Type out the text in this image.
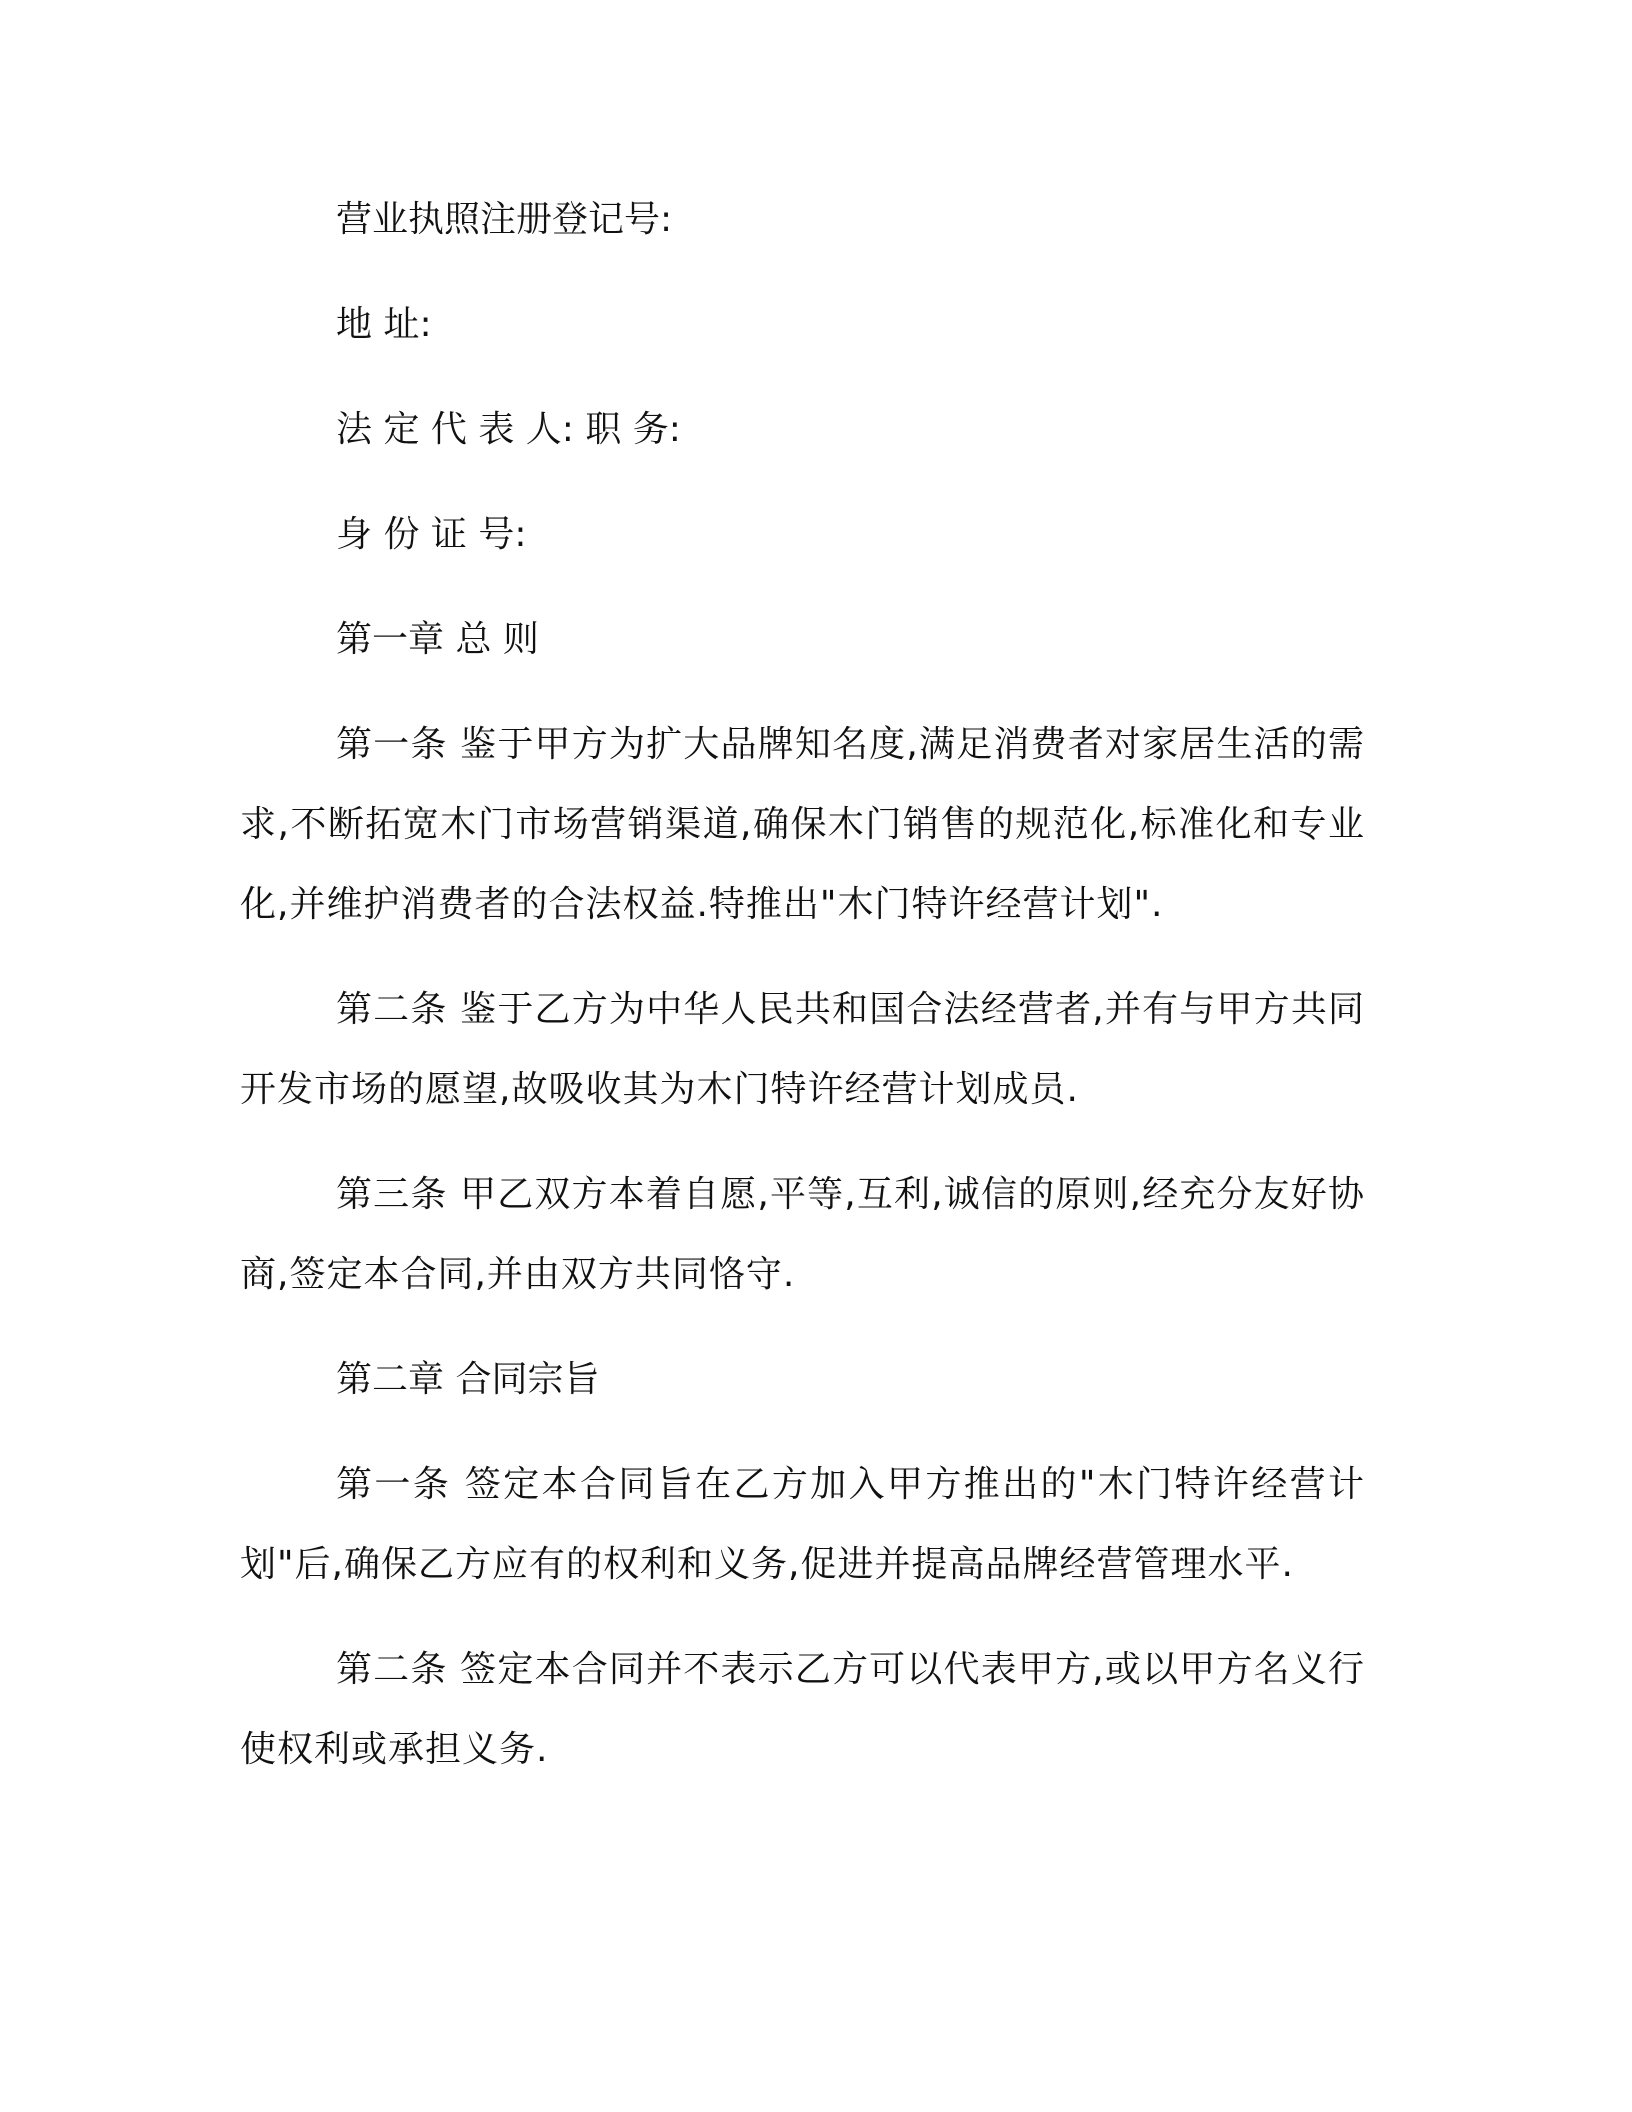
营业执照注册登记号:

地 址:

法 定 代 表 人: 职 务:

身 份 证 号:

第一章 总 则

第一条 鉴于甲方为扩大品牌知名度,满足消费者对家居生活的需求,不断拓宽木门市场营销渠道,确保木门销售的规范化,标准化和专业化,并维护消费者的合法权益.特推出"木门特许经营计划".

第二条 鉴于乙方为中华人民共和国合法经营者,并有与甲方共同开发市场的愿望,故吸收其为木门特许经营计划成员.

第三条 甲乙双方本着自愿,平等,互利,诚信的原则,经充分友好协商,签定本合同,并由双方共同恪守.

第二章 合同宗旨

第一条 签定本合同旨在乙方加入甲方推出的"木门特许经营计划"后,确保乙方应有的权利和义务,促进并提高品牌经营管理水平.

第二条 签定本合同并不表示乙方可以代表甲方,或以甲方名义行使权利或承担义务.
